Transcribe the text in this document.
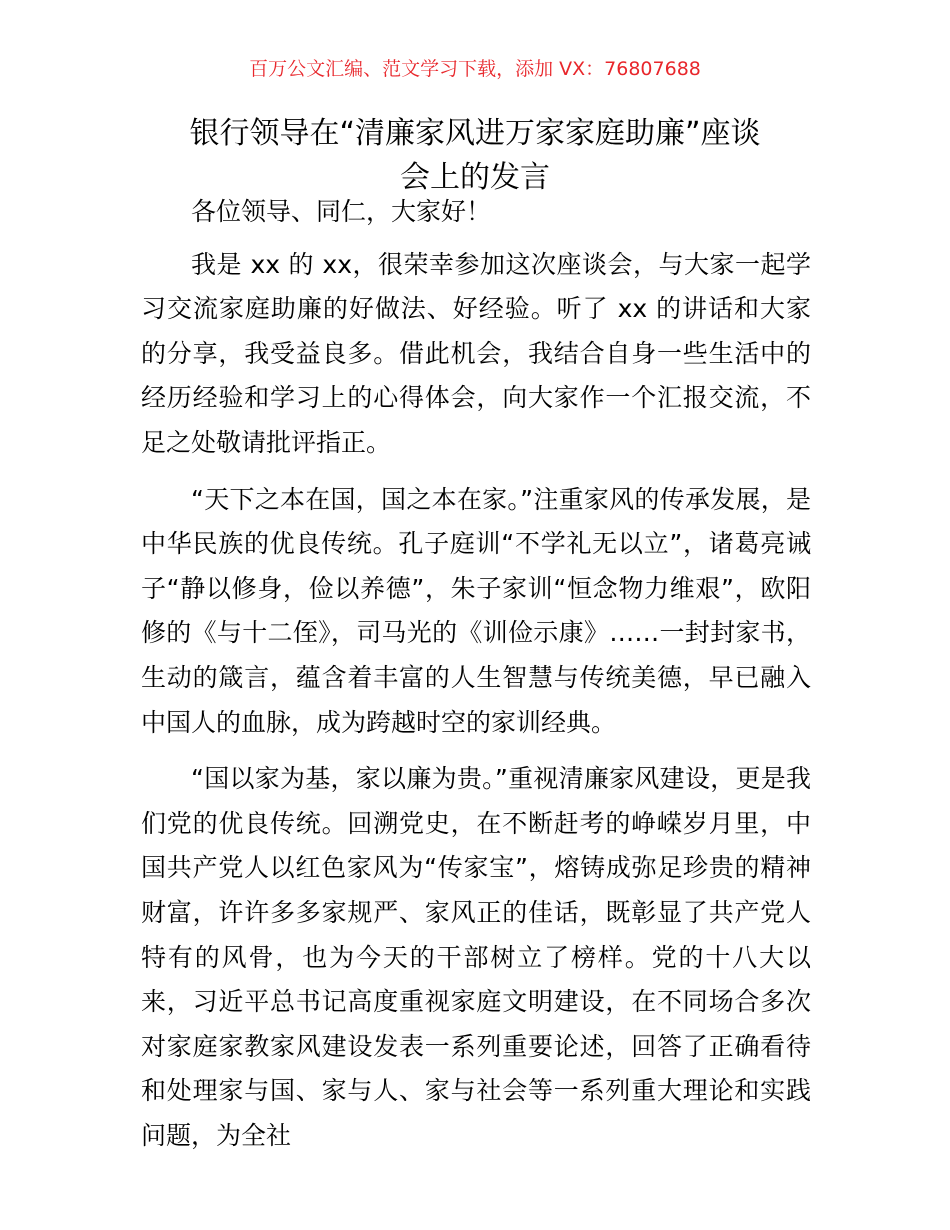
百万公文汇编、范文学习下载，添加 VX：76807688
银行领导在“清廉家风进万家家庭助廉”座谈
会上的发言

各位领导、同仁，大家好！

我是 xx 的 xx，很荣幸参加这次座谈会，与大家一起学习交流家庭助廉的好做法、好经验。听了 xx 的讲话和大家的分享，我受益良多。借此机会，我结合自身一些生活中的经历经验和学习上的心得体会，向大家作一个汇报交流，不足之处敬请批评指正。

“天下之本在国，国之本在家。”注重家风的传承发展，是中华民族的优良传统。孔子庭训“不学礼无以立”，诸葛亮诫子“静以修身，俭以养德”，朱子家训“恒念物力维艰”，欧阳修的《与十二侄》，司马光的《训俭示康》……一封封家书，生动的箴言，蕴含着丰富的人生智慧与传统美德，早已融入中国人的血脉，成为跨越时空的家训经典。

“国以家为基，家以廉为贵。”重视清廉家风建设，更是我们党的优良传统。回溯党史，在不断赶考的峥嵘岁月里，中国共产党人以红色家风为“传家宝”，熔铸成弥足珍贵的精神财富，许许多多家规严、家风正的佳话，既彰显了共产党人特有的风骨，也为今天的干部树立了榜样。党的十八大以来，习近平总书记高度重视家庭文明建设，在不同场合多次对家庭家教家风建设发表一系列重要论述，回答了正确看待和处理家与国、家与人、家与社会等一系列重大理论和实践问题，为全社
